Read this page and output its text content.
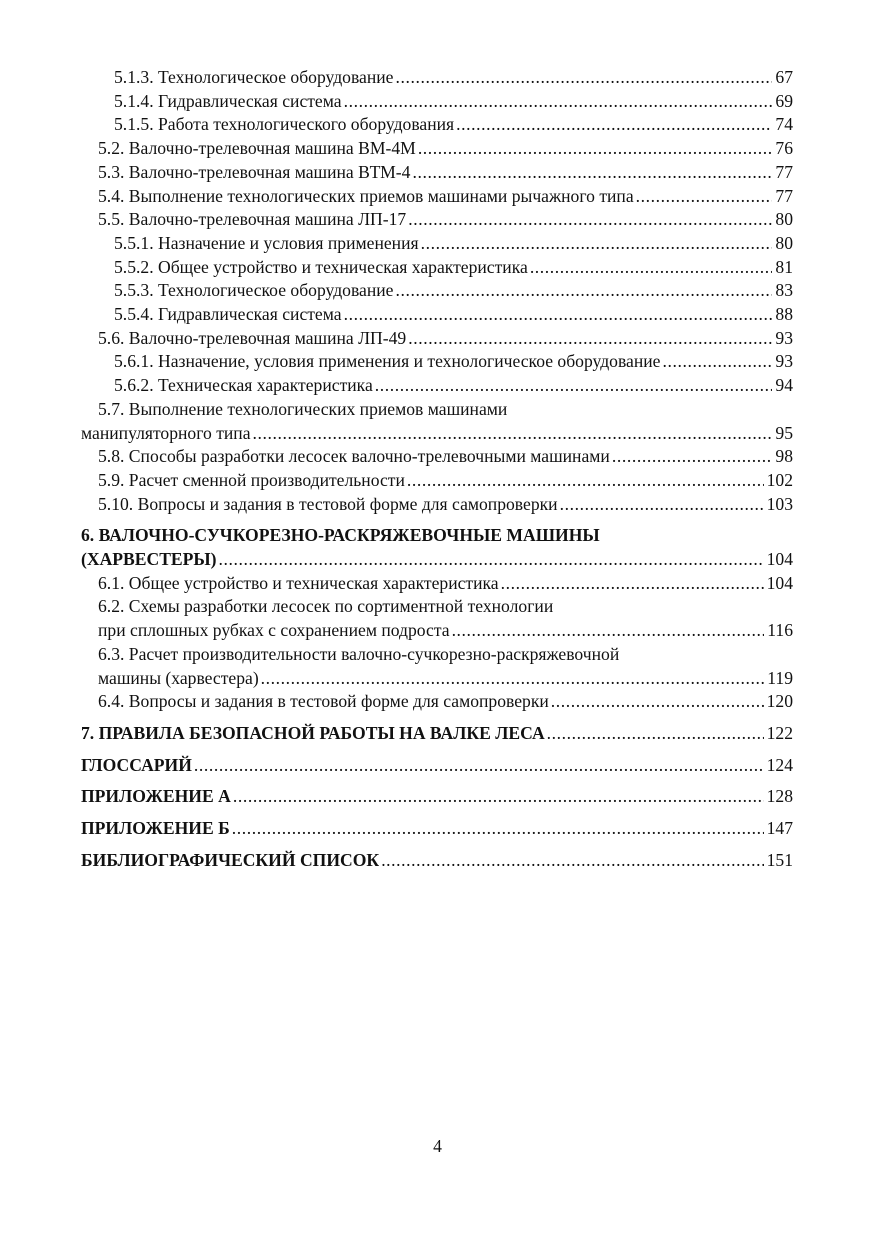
5.1.3. Технологическое оборудование .....	67
5.1.4. Гидравлическая система .....	69
5.1.5. Работа технологического оборудования .....	74
5.2. Валочно-трелевочная машина ВМ-4М .....	76
5.3. Валочно-трелевочная машина ВТМ-4 .....	77
5.4. Выполнение технологических приемов машинами рычажного типа .....	77
5.5. Валочно-трелевочная машина ЛП-17 .....	80
5.5.1. Назначение и условия применения .....	80
5.5.2. Общее устройство и техническая характеристика .....	81
5.5.3. Технологическое оборудование .....	83
5.5.4. Гидравлическая система .....	88
5.6. Валочно-трелевочная машина ЛП-49 .....	93
5.6.1. Назначение, условия применения и технологическое оборудование .....	93
5.6.2. Техническая характеристика .....	94
5.7. Выполнение технологических приемов машинами
манипуляторного типа .....	95
5.8. Способы разработки лесосек валочно-трелевочными машинами .....	98
5.9. Расчет сменной производительности .....	102
5.10. Вопросы и задания в тестовой форме для самопроверки .....	103
6. ВАЛОЧНО-СУЧКОРЕЗНО-РАСКРЯЖЕВОЧНЫЕ МАШИНЫ
(ХАРВЕСТЕРЫ) .....	104
6.1. Общее устройство и техническая характеристика .....	104
6.2. Схемы разработки лесосек по сортиментной технологии
при сплошных рубках с сохранением подроста .....	116
6.3. Расчет производительности валочно-сучкорезно-раскряжевочной
машины (харвестера) .....	119
6.4. Вопросы и задания в тестовой форме для самопроверки .....	120
7. ПРАВИЛА БЕЗОПАСНОЙ РАБОТЫ НА ВАЛКЕ ЛЕСА .....	122
ГЛОССАРИЙ .....	124
ПРИЛОЖЕНИЕ А .....	128
ПРИЛОЖЕНИЕ Б .....	147
БИБЛИОГРАФИЧЕСКИЙ СПИСОК .....	151
4
